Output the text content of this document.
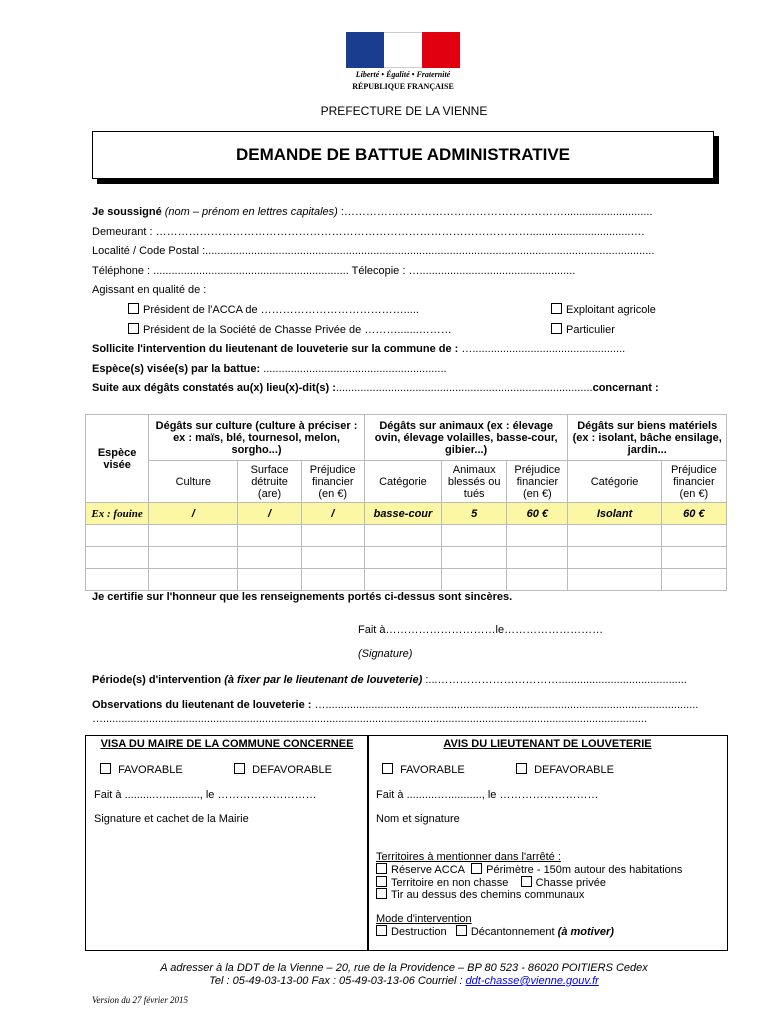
Liberté • Égalité • Fraternité
RÉPUBLIQUE FRANÇAISE
PREFECTURE DE LA VIENNE
DEMANDE DE BATTUE ADMINISTRATIVE
Je soussigné (nom – prénom en lettres capitales) :…………………………………………………….............................
Demeurant : ………………………………………………………………………………………….................................….
Localité / Code Postal :...................................................................................................................................................
Téléphone : ................................................................ Télecopie : …...................................................
Agissant en qualité de :
Président de l'ACCA de ………………………………….....	Exploitant agricole
Président de la Société de Chasse Privée de ……….......………	Particulier
Sollicite l'intervention du lieutenant de louveterie sur la commune de : …..................................................
Espèce(s) visée(s) par la battue: ............................................................
Suite aux dégâts constatés au(x) lieu(x)-dit(s) :....................................................................................concernant :
Espèce visée	Dégâts sur culture (culture à préciser : ex : maïs, blé, tournesol, melon, sorgho...)			Dégâts sur animaux (ex : élevage ovin, élevage volailles, basse-cour, gibier...)			Dégâts sur biens matériels (ex : isolant, bâche ensilage, jardin...	
	Culture	Surface détruite (are)	Préjudice financier (en €)	Catégorie	Animaux blessés ou tués	Préjudice financier (en €)	Catégorie	Préjudice financier (en €)
Ex : fouine	/	/	/	basse-cour	5	60 €	Isolant	60 €

Je certifie sur l'honneur que les renseignements portés ci-dessus sont sincères.
Fait à…………………………le………………………
(Signature)
Période(s) d'intervention (à fixer par le lieutenant de louveterie) :...……………………………..........................................
Observations du lieutenant de louveterie : …..........................................................................................................................
…..................................................................................................................................................................................
VISA DU MAIRE DE LA COMMUNE CONCERNEE
FAVORABLE	DEFAVORABLE
Fait à ..........…..........., le ………………………
Signature et cachet de la Mairie
AVIS DU LIEUTENANT DE LOUVETERIE
FAVORABLE	DEFAVORABLE
Fait à ..........…..........., le ………………………
Nom et signature
Territoires à mentionner dans l'arrêté :
Réserve ACCA Périmètre - 150m autour des habitations
Territoire en non chasse Chasse privée
Tir au dessus des chemins communaux
Mode d'intervention
Destruction Décantonnement (à motiver)
A adresser à la DDT de la Vienne – 20, rue de la Providence – BP 80 523 - 86020 POITIERS Cedex
Tel : 05-49-03-13-00 Fax : 05-49-03-13-06 Courriel : ddt-chasse@vienne.gouv.fr
Version du 27 février 2015
